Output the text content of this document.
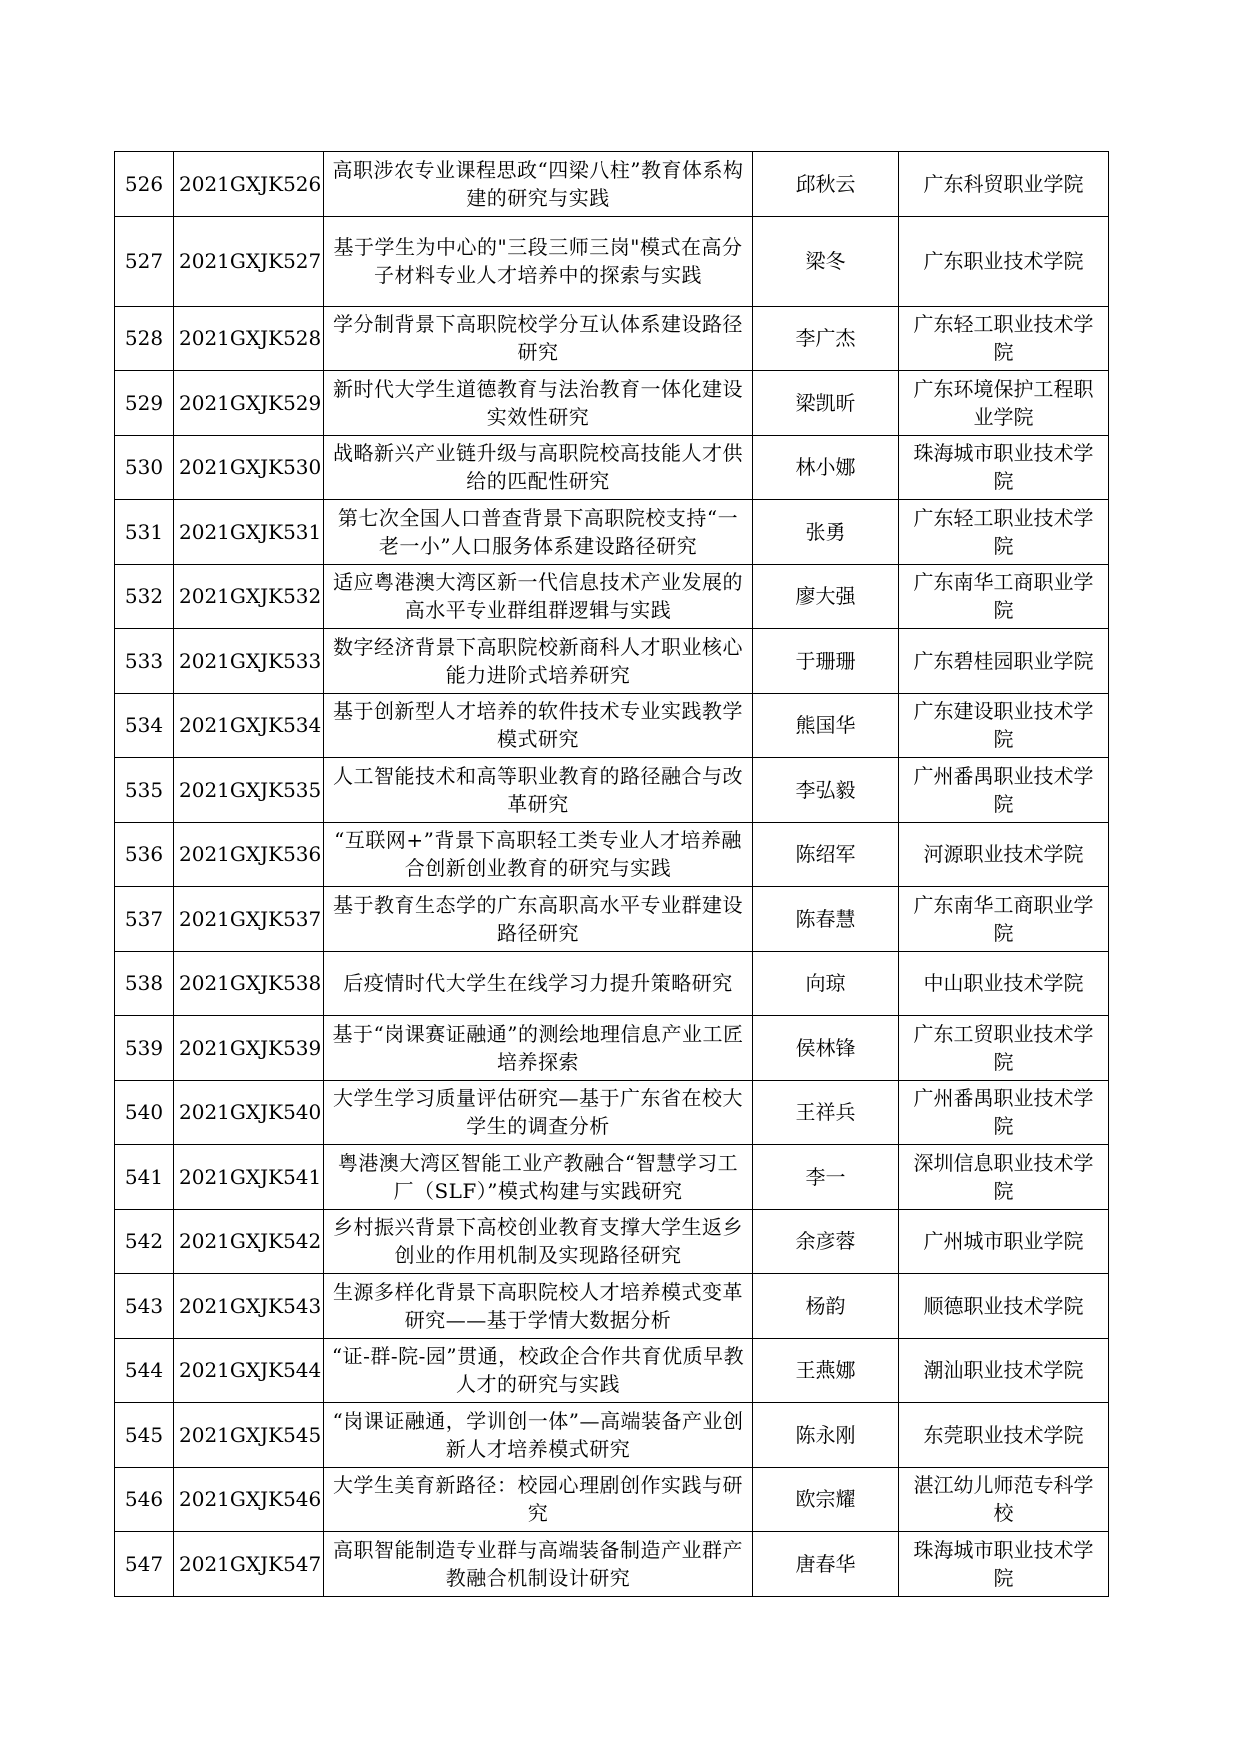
526	2021GXJK526	高职涉农专业课程思政“四梁八柱”教育体系构建的研究与实践	邱秋云	广东科贸职业学院
527	2021GXJK527	基于学生为中心的"三段三师三岗"模式在高分子材料专业人才培养中的探索与实践	梁冬	广东职业技术学院
528	2021GXJK528	学分制背景下高职院校学分互认体系建设路径研究	李广杰	广东轻工职业技术学院
529	2021GXJK529	新时代大学生道德教育与法治教育一体化建设实效性研究	梁凯昕	广东环境保护工程职业学院
530	2021GXJK530	战略新兴产业链升级与高职院校高技能人才供给的匹配性研究	林小娜	珠海城市职业技术学院
531	2021GXJK531	第七次全国人口普查背景下高职院校支持“一老一小”人口服务体系建设路径研究	张勇	广东轻工职业技术学院
532	2021GXJK532	适应粤港澳大湾区新一代信息技术产业发展的高水平专业群组群逻辑与实践	廖大强	广东南华工商职业学院
533	2021GXJK533	数字经济背景下高职院校新商科人才职业核心能力进阶式培养研究	于珊珊	广东碧桂园职业学院
534	2021GXJK534	基于创新型人才培养的软件技术专业实践教学模式研究	熊国华	广东建设职业技术学院
535	2021GXJK535	人工智能技术和高等职业教育的路径融合与改革研究	李弘毅	广州番禺职业技术学院
536	2021GXJK536	“互联网+”背景下高职轻工类专业人才培养融合创新创业教育的研究与实践	陈绍军	河源职业技术学院
537	2021GXJK537	基于教育生态学的广东高职高水平专业群建设路径研究	陈春慧	广东南华工商职业学院
538	2021GXJK538	后疫情时代大学生在线学习力提升策略研究	向琼	中山职业技术学院
539	2021GXJK539	基于“岗课赛证融通”的测绘地理信息产业工匠培养探索	侯林锋	广东工贸职业技术学院
540	2021GXJK540	大学生学习质量评估研究—基于广东省在校大学生的调查分析	王祥兵	广州番禺职业技术学院
541	2021GXJK541	粤港澳大湾区智能工业产教融合“智慧学习工厂（SLF）”模式构建与实践研究	李一	深圳信息职业技术学院
542	2021GXJK542	乡村振兴背景下高校创业教育支撑大学生返乡创业的作用机制及实现路径研究	余彦蓉	广州城市职业学院
543	2021GXJK543	生源多样化背景下高职院校人才培养模式变革研究——基于学情大数据分析	杨韵	顺德职业技术学院
544	2021GXJK544	“证-群-院-园”贯通，校政企合作共育优质早教人才的研究与实践	王燕娜	潮汕职业技术学院
545	2021GXJK545	“岗课证融通，学训创一体”—高端装备产业创新人才培养模式研究	陈永刚	东莞职业技术学院
546	2021GXJK546	大学生美育新路径：校园心理剧创作实践与研究	欧宗耀	湛江幼儿师范专科学校
547	2021GXJK547	高职智能制造专业群与高端装备制造产业群产教融合机制设计研究	唐春华	珠海城市职业技术学院
